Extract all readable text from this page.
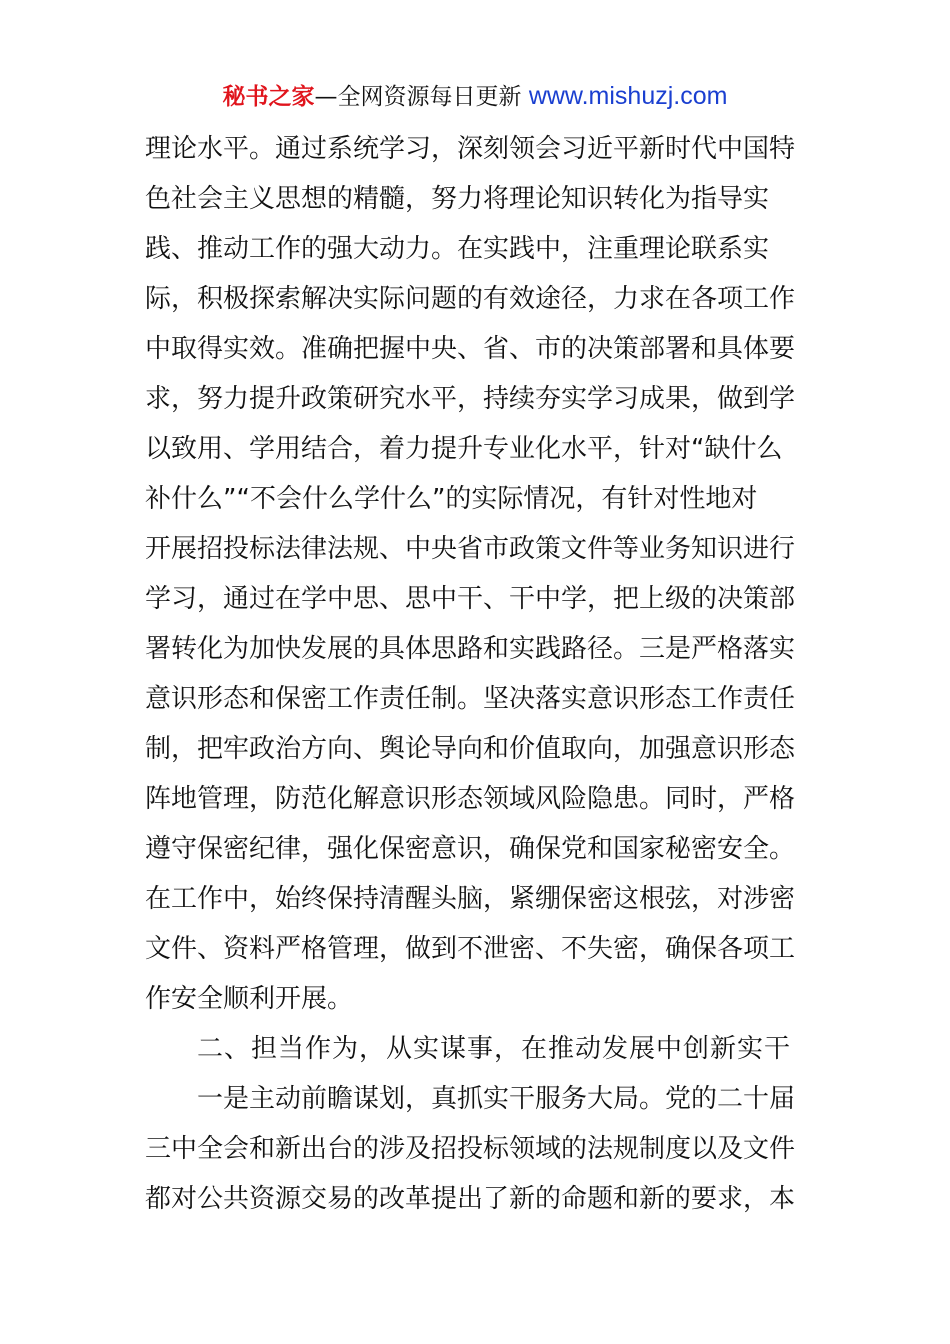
秘书之家—全网资源每日更新 www.mishuzj.com
理论水平。通过系统学习，深刻领会习近平新时代中国特
色社会主义思想的精髓，努力将理论知识转化为指导实
践、推动工作的强大动力。在实践中，注重理论联系实
际，积极探索解决实际问题的有效途径，力求在各项工作
中取得实效。准确把握中央、省、市的决策部署和具体要
求，努力提升政策研究水平，持续夯实学习成果，做到学
以致用、学用结合，着力提升专业化水平，针对“缺什么
补什么”“不会什么学什么”的实际情况，有针对性地对
开展招投标法律法规、中央省市政策文件等业务知识进行
学习，通过在学中思、思中干、干中学，把上级的决策部
署转化为加快发展的具体思路和实践路径。三是严格落实
意识形态和保密工作责任制。坚决落实意识形态工作责任
制，把牢政治方向、舆论导向和价值取向，加强意识形态
阵地管理，防范化解意识形态领域风险隐患。同时，严格
遵守保密纪律，强化保密意识，确保党和国家秘密安全。
在工作中，始终保持清醒头脑，紧绷保密这根弦，对涉密
文件、资料严格管理，做到不泄密、不失密，确保各项工
作安全顺利开展。
二、担当作为，从实谋事，在推动发展中创新实干
一是主动前瞻谋划，真抓实干服务大局。党的二十届
三中全会和新出台的涉及招投标领域的法规制度以及文件
都对公共资源交易的改革提出了新的命题和新的要求，本
